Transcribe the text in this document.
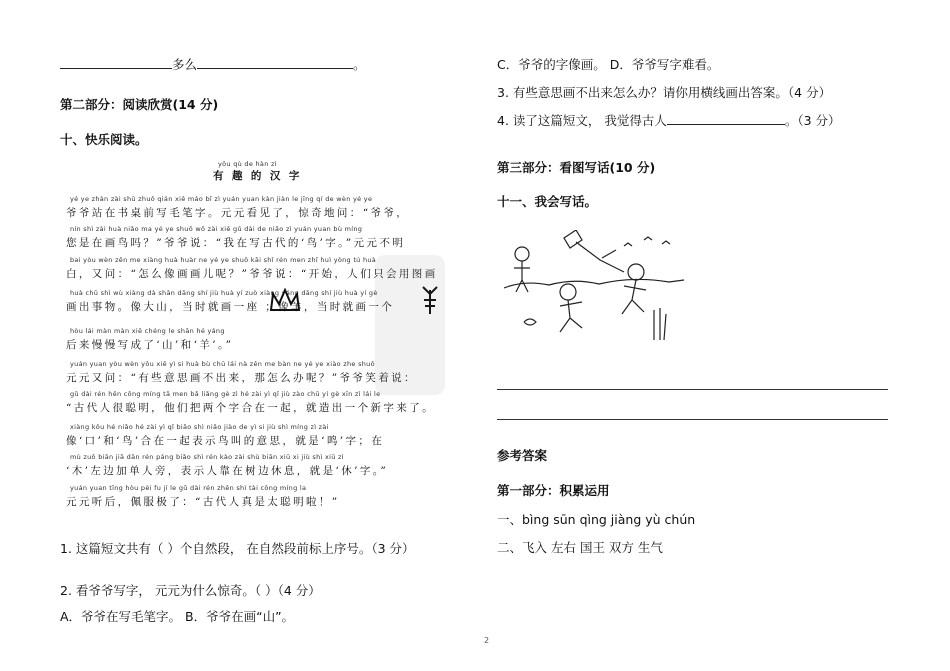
多么	。
第二部分：阅读欣赏(14 分)
十、快乐阅读。
yǒu qù de hàn zì
有 趣 的 汉 字
yé ye zhàn zài shū zhuō qián xiě máo bǐ zì yuán yuan kàn jiàn le jīng qí de wèn yé ye
爷爷站在书桌前写毛笔字。元元看见了，惊奇地问：“爷爷，
nín shì zài huà niǎo ma yé ye shuō wǒ zài xiě gǔ dài de niǎo zì yuán yuan bù míng
您是在画鸟吗？”爷爷说：“我在写古代的‘鸟’字。”元元不明
bai yòu wèn zěn me xiàng huà huàr ne yé ye shuō kāi shǐ rén men zhǐ huì yòng tú huà
白，又问：“怎么像画画儿呢？”爷爷说：“开始，人们只会用图画
huà chū shì wù xiàng dà shān dāng shí jiù huà yí zuò xiàng yáng dāng shí jiù huà yí gè
画出事物。像大山，当时就画一座 ；像羊，当时就画一个
hòu lái màn màn xiě chéng le shān hé yáng
后来慢慢写成了‘山’和‘羊’。”
yuán yuan yòu wèn yǒu xiē yì si huà bù chū lái nà zěn me bàn ne yé ye xiào zhe shuō
元元又问：“有些意思画不出来，那怎么办呢？”爷爷笑着说：
gǔ dài rén hěn cōng míng tā men bǎ liǎng gè zì hé zài yì qǐ jiù zào chū yí gè xīn zì lái le
“古代人很聪明，他们把两个字合在一起，就造出一个新字来了。
xiàng kǒu hé niǎo hé zài yì qǐ biǎo shì niǎo jiào de yì si jiù shì míng zì zài
像‘口’和‘鸟’合在一起表示鸟叫的意思，就是‘鸣’字；在
mù zuǒ biān jiā dān rén páng biǎo shì rén kào zài shù biān xiū xi jiù shì xiū zì
‘木’左边加单人旁，表示人靠在树边休息，就是‘休’字。”
yuán yuan tīng hòu pèi fu jí le gǔ dài rén zhēn shì tài cōng míng la
元元听后，佩服极了：“古代人真是太聪明啦！”
1. 这篇短文共有（ ）个自然段， 在自然段前标上序号。（3 分）
2. 看爷爷写字， 元元为什么惊奇。（ ）（4 分）
A．爷爷在写毛笔字。 B．爷爷在画“山”。
C．爷爷的字像画。 D．爷爷写字难看。
3. 有些意思画不出来怎么办？请你用横线画出答案。（4 分）
4. 读了这篇短文， 我觉得古人	。（3 分）
第三部分：看图写话(10 分)
十一、我会写话。
参考答案
第一部分：积累运用
一、bìng sūn qìng jiàng yù chún
二、飞入 左右 国王 双方 生气
2
